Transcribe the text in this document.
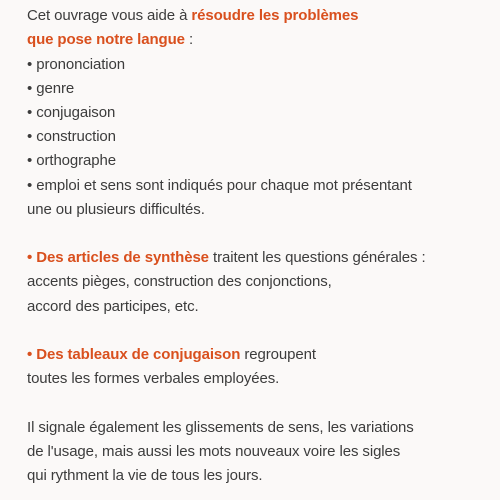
Cet ouvrage vous aide à résoudre les problèmes
que pose notre langue :
• prononciation
• genre
• conjugaison
• construction
• orthographe
• emploi et sens sont indiqués pour chaque mot présentant
une ou plusieurs difficultés.
• Des articles de synthèse traitent les questions générales :
accents pièges, construction des conjonctions,
accord des participes, etc.
• Des tableaux de conjugaison regroupent
toutes les formes verbales employées.
Il signale également les glissements de sens, les variations
de l'usage, mais aussi les mots nouveaux voire les sigles
qui rythment la vie de tous les jours.
